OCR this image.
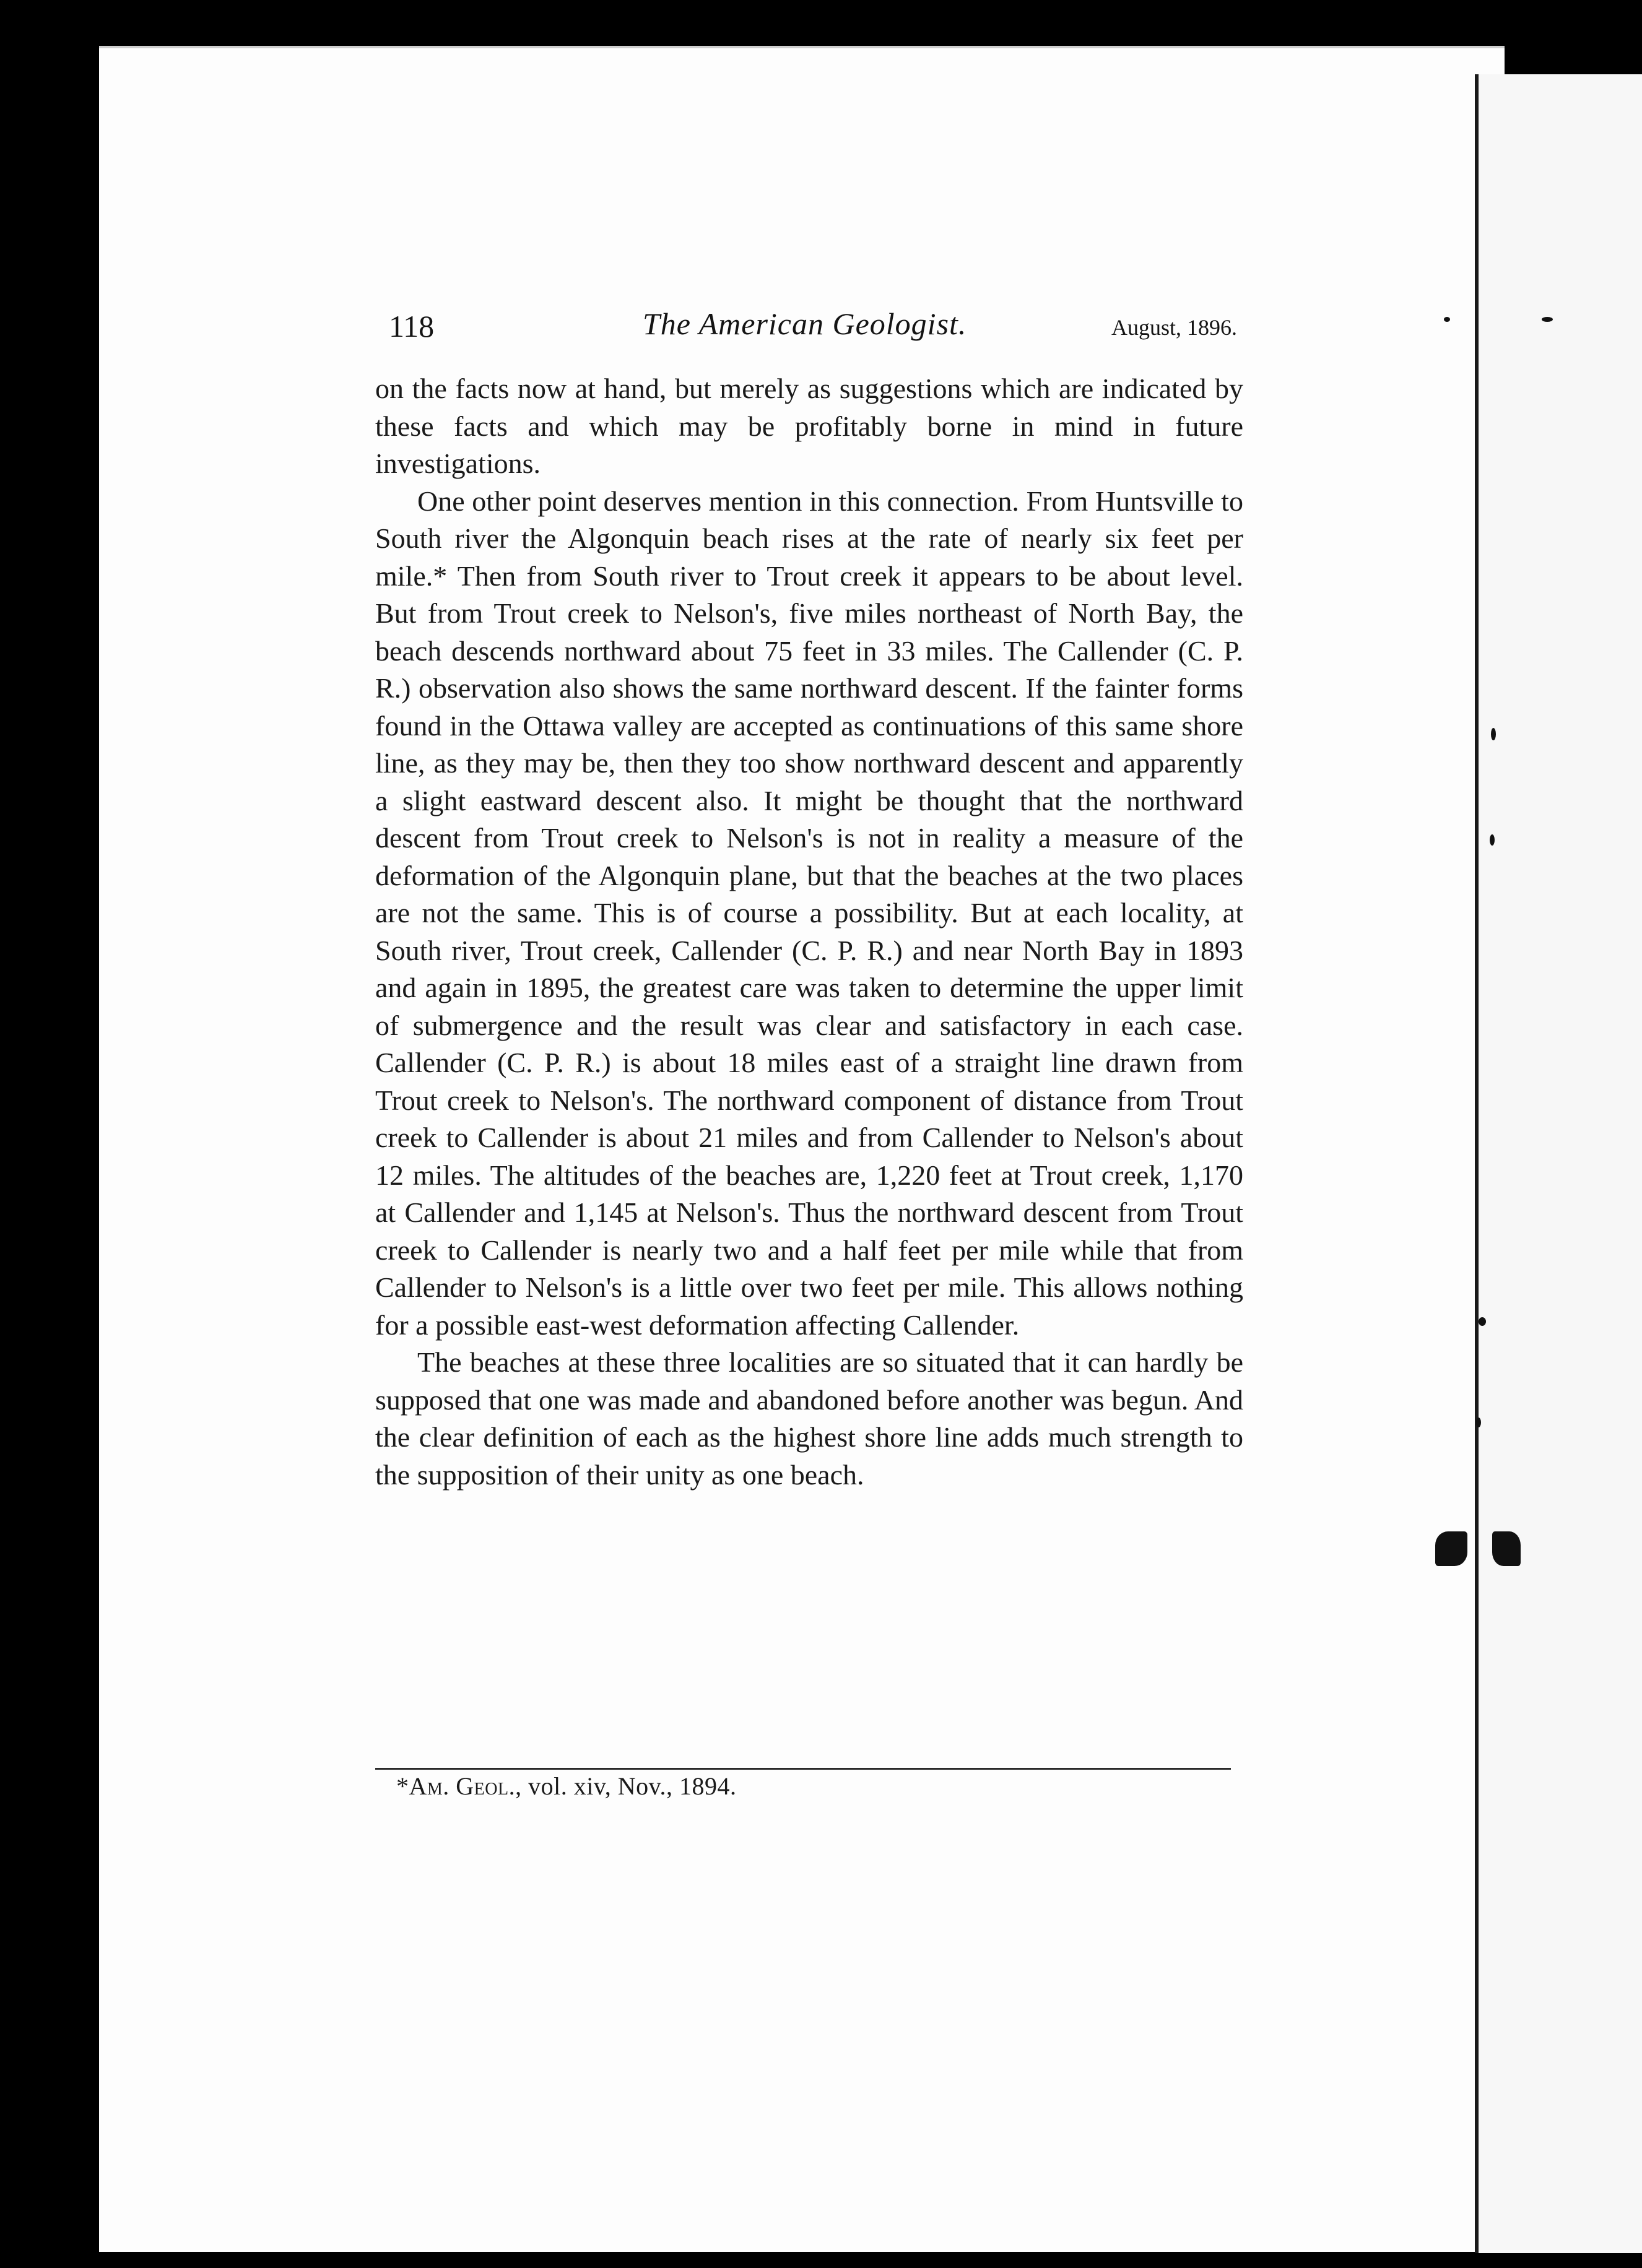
118	The American Geologist.	August, 1896.

on the facts now at hand, but merely as suggestions which are indicated by these facts and which may be profitably borne in mind in future investigations.

One other point deserves mention in this connection. From Huntsville to South river the Algonquin beach rises at the rate of nearly six feet per mile.* Then from South river to Trout creek it appears to be about level. But from Trout creek to Nelson's, five miles northeast of North Bay, the beach descends northward about 75 feet in 33 miles. The Callender (C. P. R.) observation also shows the same northward descent. If the fainter forms found in the Ottawa valley are accepted as continuations of this same shore line, as they may be, then they too show northward descent and apparently a slight eastward descent also. It might be thought that the northward descent from Trout creek to Nelson's is not in reality a measure of the deformation of the Algonquin plane, but that the beaches at the two places are not the same. This is of course a possibility. But at each locality, at South river, Trout creek, Callender (C. P. R.) and near North Bay in 1893 and again in 1895, the greatest care was taken to determine the upper limit of submergence and the result was clear and satisfactory in each case. Callender (C. P. R.) is about 18 miles east of a straight line drawn from Trout creek to Nelson's. The northward component of distance from Trout creek to Callender is about 21 miles and from Callender to Nelson's about 12 miles. The altitudes of the beaches are, 1,220 feet at Trout creek, 1,170 at Callender and 1,145 at Nelson's. Thus the northward descent from Trout creek to Callender is nearly two and a half feet per mile while that from Callender to Nelson's is a little over two feet per mile. This allows nothing for a possible east-west deformation affecting Callender.

The beaches at these three localities are so situated that it can hardly be supposed that one was made and abandoned before another was begun. And the clear definition of each as the highest shore line adds much strength to the supposition of their unity as one beach.

*Am. Geol., vol. xiv, Nov., 1894.
